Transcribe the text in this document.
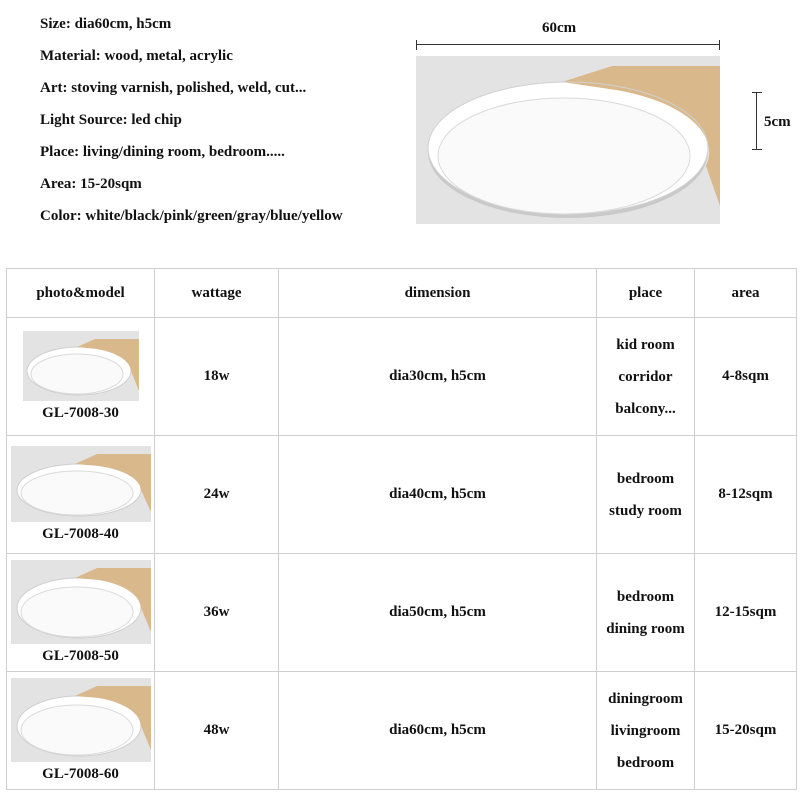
Size: dia60cm, h5cm
Material: wood, metal, acrylic
Art: stoving varnish, polished, weld, cut...
Light Source: led chip
Place: living/dining room, bedroom.....
Area: 15-20sqm
Color: white/black/pink/green/gray/blue/yellow
60cm
5cm
photo&model	wattage	dimension	place	area

GL-7008-30	18w	dia30cm, h5cm	kid room
corridor
balcony...	4-8sqm

GL-7008-40	24w	dia40cm, h5cm	bedroom
study room	8-12sqm

GL-7008-50	36w	dia50cm, h5cm	bedroom
dining room	12-15sqm

GL-7008-60	48w	dia60cm, h5cm	diningroom
livingroom
bedroom	15-20sqm
